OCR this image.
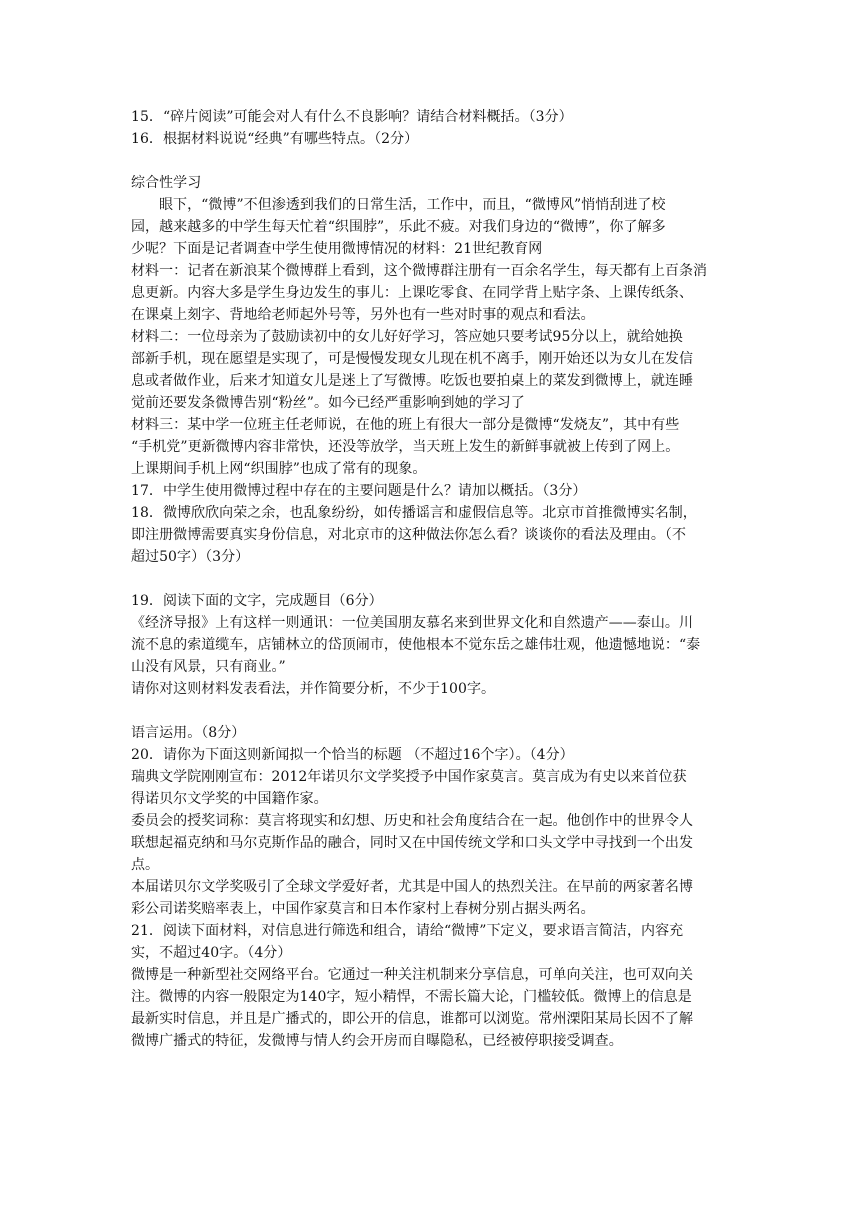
15．“碎片阅读”可能会对人有什么不良影响？请结合材料概括。（3分）
16．根据材料说说“经典”有哪些特点。（2分）
综合性学习
眼下，“微博”不但渗透到我们的日常生活，工作中，而且，“微博风”悄悄刮进了校
园，越来越多的中学生每天忙着“织围脖”，乐此不疲。对我们身边的“微博”，你了解多
少呢？下面是记者调查中学生使用微博情况的材料：21世纪教育网
材料一：记者在新浪某个微博群上看到，这个微博群注册有一百余名学生，每天都有上百条消
息更新。内容大多是学生身边发生的事儿：上课吃零食、在同学背上贴字条、上课传纸条、
在课桌上刻字、背地给老师起外号等，另外也有一些对时事的观点和看法。
材料二：一位母亲为了鼓励读初中的女儿好好学习，答应她只要考试95分以上，就给她换
部新手机，现在愿望是实现了，可是慢慢发现女儿现在机不离手，刚开始还以为女儿在发信
息或者做作业，后来才知道女儿是迷上了写微博。吃饭也要拍桌上的菜发到微博上，就连睡
觉前还要发条微博告别“粉丝”。如今已经严重影响到她的学习了
材料三：某中学一位班主任老师说，在他的班上有很大一部分是微博“发烧友”，其中有些
“手机党”更新微博内容非常快，还没等放学，当天班上发生的新鲜事就被上传到了网上。
上课期间手机上网“织围脖”也成了常有的现象。
17．中学生使用微博过程中存在的主要问题是什么？请加以概括。（3分）
18．微博欣欣向荣之余，也乱象纷纷，如传播谣言和虚假信息等。北京市首推微博实名制，
即注册微博需要真实身份信息，对北京市的这种做法你怎么看？谈谈你的看法及理由。（不
超过50字）（3分）
19．阅读下面的文字，完成题目（6分）
《经济导报》上有这样一则通讯：一位美国朋友慕名来到世界文化和自然遗产——泰山。川
流不息的索道缆车，店铺林立的岱顶闹市，使他根本不觉东岳之雄伟壮观，他遗憾地说：“泰
山没有风景，只有商业。”
请你对这则材料发表看法，并作简要分析，不少于100字。
语言运用。（8分）
20．请你为下面这则新闻拟一个恰当的标题 （不超过16个字）。（4分）
瑞典文学院刚刚宣布：2012年诺贝尔文学奖授予中国作家莫言。莫言成为有史以来首位获
得诺贝尔文学奖的中国籍作家。
委员会的授奖词称：莫言将现实和幻想、历史和社会角度结合在一起。他创作中的世界令人
联想起福克纳和马尔克斯作品的融合，同时又在中国传统文学和口头文学中寻找到一个出发
点。
本届诺贝尔文学奖吸引了全球文学爱好者，尤其是中国人的热烈关注。在早前的两家著名博
彩公司诺奖赔率表上，中国作家莫言和日本作家村上春树分别占据头两名。
21．阅读下面材料，对信息进行筛选和组合，请给“微博”下定义，要求语言简洁，内容充
实，不超过40字。（4分）
微博是一种新型社交网络平台。它通过一种关注机制来分享信息，可单向关注，也可双向关
注。微博的内容一般限定为140字，短小精悍，不需长篇大论，门槛较低。微博上的信息是
最新实时信息，并且是广播式的，即公开的信息，谁都可以浏览。常州溧阳某局长因不了解
微博广播式的特征，发微博与情人约会开房而自曝隐私，已经被停职接受调查。
